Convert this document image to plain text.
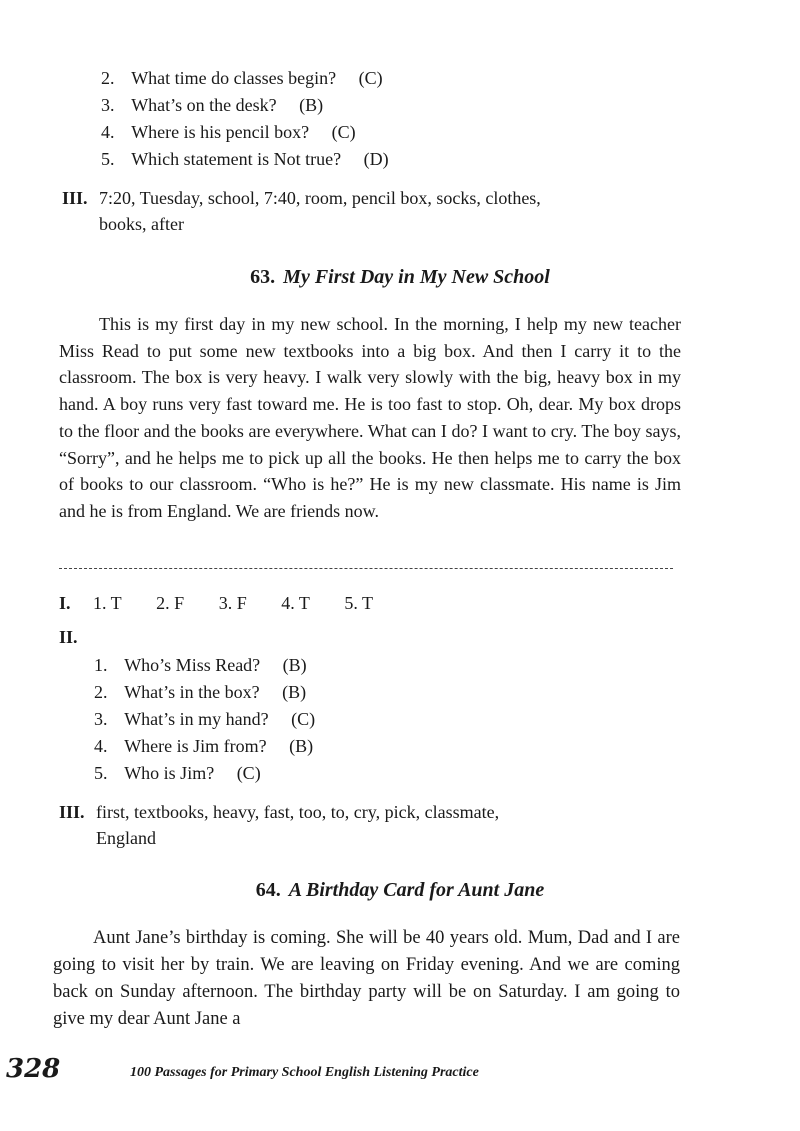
2. What time do classes begin? (C)
3. What’s on the desk? (B)
4. Where is his pencil box? (C)
5. Which statement is Not true? (D)
III. 7:20, Tuesday, school, 7:40, room, pencil box, socks, clothes,
books, after
63. My First Day in My New School

This is my first day in my new school. In the morning, I help my new teacher Miss Read to put some new textbooks into a big box. And then I carry it to the classroom. The box is very heavy. I walk very slowly with the big, heavy box in my hand. A boy runs very fast toward me. He is too fast to stop. Oh, dear. My box drops to the floor and the books are everywhere. What can I do? I want to cry. The boy says, “Sorry”, and he helps me to pick up all the books. He then helps me to carry the box of books to our classroom. “Who is he?” He is my new classmate. His name is Jim and he is from England. We are friends now.

I. 1. T 2. F 3. F 4. T 5. T
II.
1. Who’s Miss Read? (B)
2. What’s in the box? (B)
3. What’s in my hand? (C)
4. Where is Jim from? (B)
5. Who is Jim? (C)
III. first, textbooks, heavy, fast, too, to, cry, pick, classmate,
England
64. A Birthday Card for Aunt Jane

Aunt Jane’s birthday is coming. She will be 40 years old. Mum, Dad and I are going to visit her by train. We are leaving on Friday evening. And we are coming back on Sunday afternoon. The birthday party will be on Saturday. I am going to give my dear Aunt Jane a

328	100 Passages for Primary School English Listening Practice
